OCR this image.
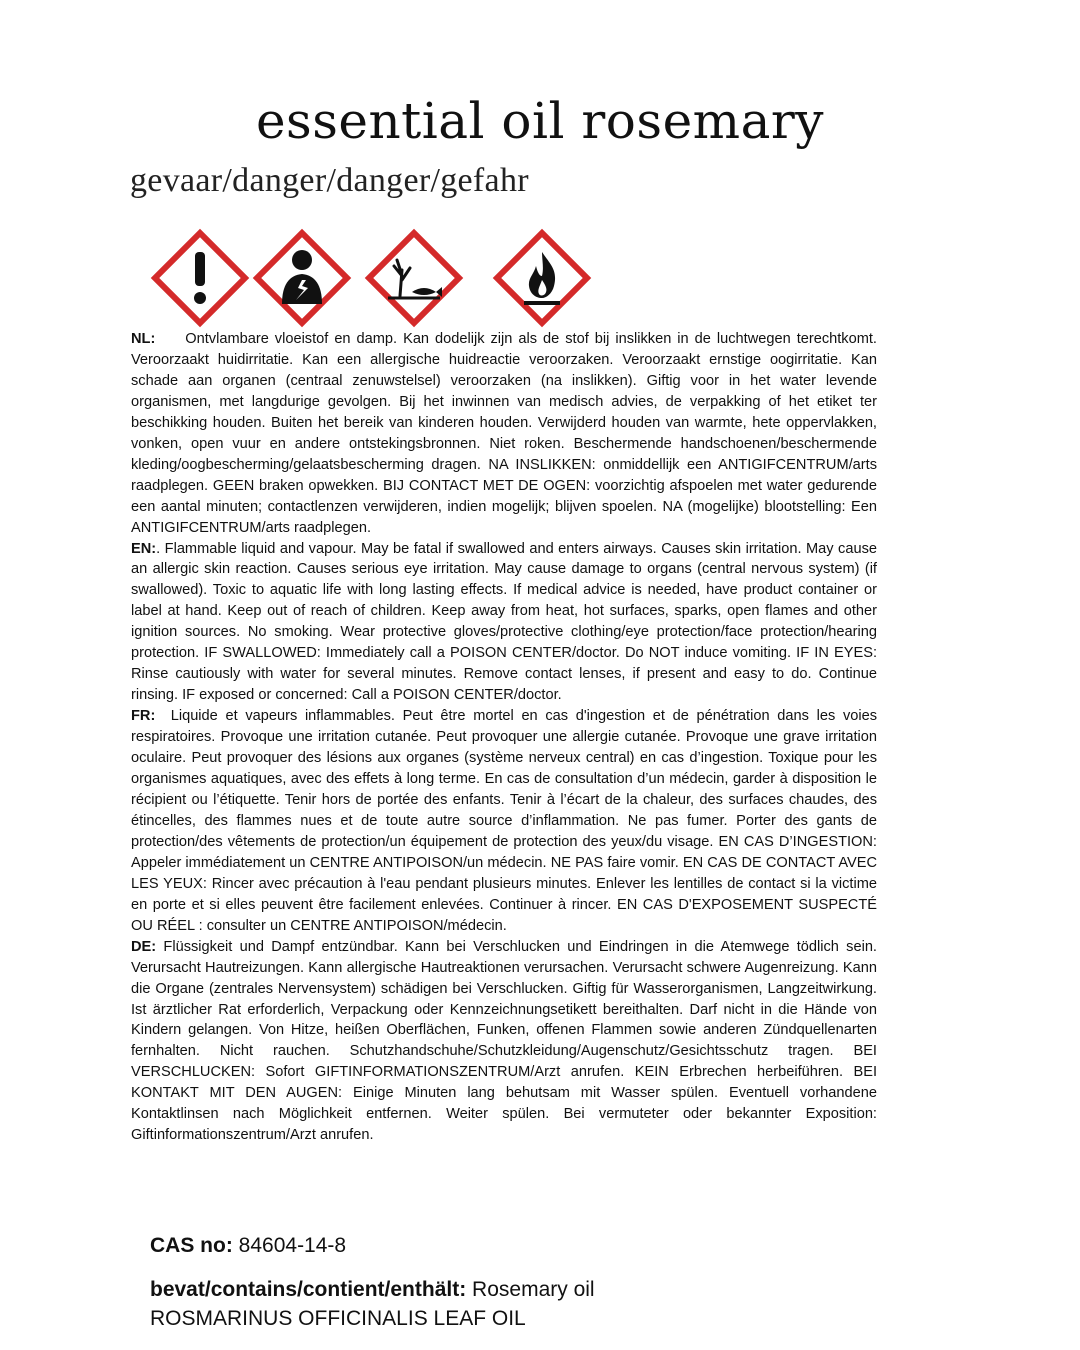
essential oil rosemary
gevaar/danger/danger/gefahr

NL: Ontvlambare vloeistof en damp. Kan dodelijk zijn als de stof bij inslikken in de luchtwegen terechtkomt. Veroorzaakt huidirritatie. Kan een allergische huidreactie veroorzaken. Veroorzaakt ernstige oogirritatie. Kan schade aan organen (centraal zenuwstelsel) veroorzaken (na inslikken). Giftig voor in het water levende organismen, met langdurige gevolgen. Bij het inwinnen van medisch advies, de verpakking of het etiket ter beschikking houden. Buiten het bereik van kinderen houden. Verwijderd houden van warmte, hete oppervlakken, vonken, open vuur en andere ontstekingsbronnen. Niet roken. Beschermende handschoenen/beschermende kleding/oogbescherming/gelaatsbescherming dragen. NA INSLIKKEN: onmiddellijk een ANTIGIFCENTRUM/arts raadplegen. GEEN braken opwekken. BIJ CONTACT MET DE OGEN: voorzichtig afspoelen met water gedurende een aantal minuten; contactlenzen verwijderen, indien mogelijk; blijven spoelen. NA (mogelijke) blootstelling: Een ANTIGIFCENTRUM/arts raadplegen.

EN:. Flammable liquid and vapour. May be fatal if swallowed and enters airways. Causes skin irritation. May cause an allergic skin reaction. Causes serious eye irritation. May cause damage to organs (central nervous system) (if swallowed). Toxic to aquatic life with long lasting effects. If medical advice is needed, have product container or label at hand. Keep out of reach of children. Keep away from heat, hot surfaces, sparks, open flames and other ignition sources. No smoking. Wear protective gloves/protective clothing/eye protection/face protection/hearing protection. IF SWALLOWED: Immediately call a POISON CENTER/doctor. Do NOT induce vomiting. IF IN EYES: Rinse cautiously with water for several minutes. Remove contact lenses, if present and easy to do. Continue rinsing. IF exposed or concerned: Call a POISON CENTER/doctor.

FR: Liquide et vapeurs inflammables. Peut être mortel en cas d'ingestion et de pénétration dans les voies respiratoires. Provoque une irritation cutanée. Peut provoquer une allergie cutanée. Provoque une grave irritation oculaire. Peut provoquer des lésions aux organes (système nerveux central) en cas d’ingestion. Toxique pour les organismes aquatiques, avec des effets à long terme. En cas de consultation d’un médecin, garder à disposition le récipient ou l’étiquette. Tenir hors de portée des enfants. Tenir à l’écart de la chaleur, des surfaces chaudes, des étincelles, des flammes nues et de toute autre source d’inflammation. Ne pas fumer. Porter des gants de protection/des vêtements de protection/un équipement de protection des yeux/du visage. EN CAS D’INGESTION: Appeler immédiatement un CENTRE ANTIPOISON/un médecin. NE PAS faire vomir. EN CAS DE CONTACT AVEC LES YEUX: Rincer avec précaution à l'eau pendant plusieurs minutes. Enlever les lentilles de contact si la victime en porte et si elles peuvent être facilement enlevées. Continuer à rincer. EN CAS D'EXPOSEMENT SUSPECTÉ OU RÉEL : consulter un CENTRE ANTIPOISON/médecin.

DE: Flüssigkeit und Dampf entzündbar. Kann bei Verschlucken und Eindringen in die Atemwege tödlich sein. Verursacht Hautreizungen. Kann allergische Hautreaktionen verursachen. Verursacht schwere Augenreizung. Kann die Organe (zentrales Nervensystem) schädigen bei Verschlucken. Giftig für Wasserorganismen, Langzeitwirkung. Ist ärztlicher Rat erforderlich, Verpackung oder Kennzeichnungsetikett bereithalten. Darf nicht in die Hände von Kindern gelangen. Von Hitze, heißen Oberflächen, Funken, offenen Flammen sowie anderen Zündquellenarten fernhalten. Nicht rauchen. Schutzhandschuhe/Schutzkleidung/Augenschutz/Gesichtsschutz tragen. BEI VERSCHLUCKEN: Sofort GIFTINFORMATIONSZENTRUM/Arzt anrufen. KEIN Erbrechen herbeiführen. BEI KONTAKT MIT DEN AUGEN: Einige Minuten lang behutsam mit Wasser spülen. Eventuell vorhandene Kontaktlinsen nach Möglichkeit entfernen. Weiter spülen. Bei vermuteter oder bekannter Exposition: Giftinformationszentrum/Arzt anrufen.

CAS no: 84604-14-8
bevat/contains/contient/enthält: Rosemary oil
ROSMARINUS OFFICINALIS LEAF OIL
